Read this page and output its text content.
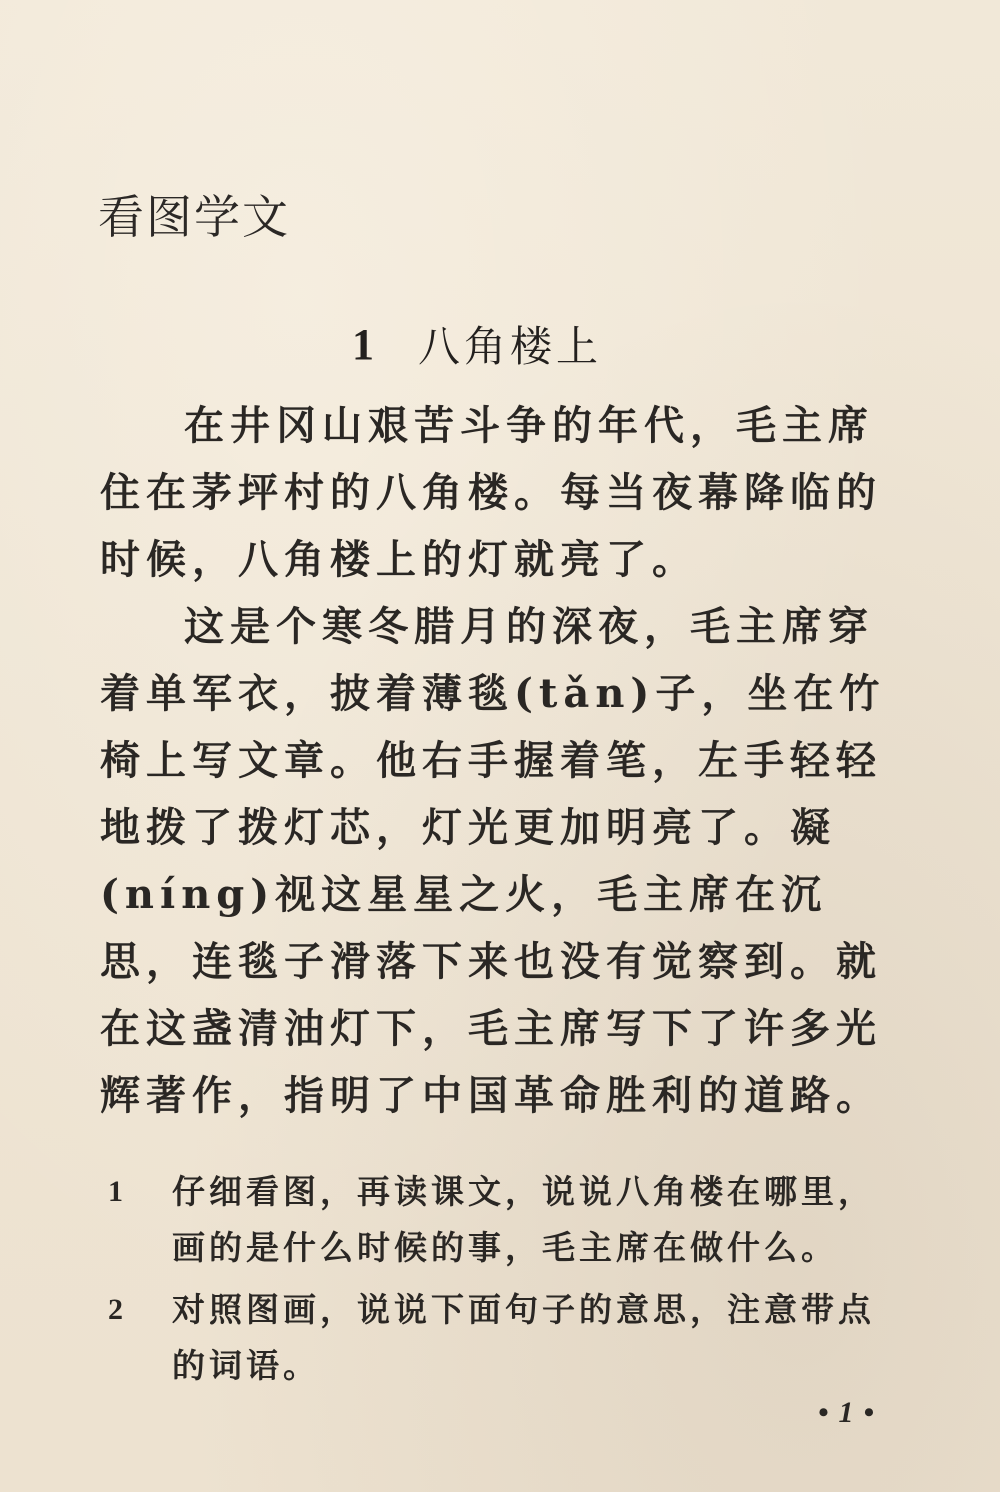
看图学文
1 八角楼上

在井冈山艰苦斗争的年代，毛主席住在茅坪村的八角楼。每当夜幕降临的时候，八角楼上的灯就亮了。

这是个寒冬腊月的深夜，毛主席穿着单军衣，披着薄毯(tǎn)子，坐在竹椅上写文章。他右手握着笔，左手轻轻地拨了拨灯芯，灯光更加明亮了。凝(níng)视这星星之火，毛主席在沉思，连毯子滑落下来也没有觉察到。就在这盏清油灯下，毛主席写下了许多光辉著作，指明了中国革命胜利的道路。

1	仔细看图，再读课文，说说八角楼在哪里，画的是什么时候的事，毛主席在做什么。
2	对照图画，说说下面句子的意思，注意带点的词语。
•1•
